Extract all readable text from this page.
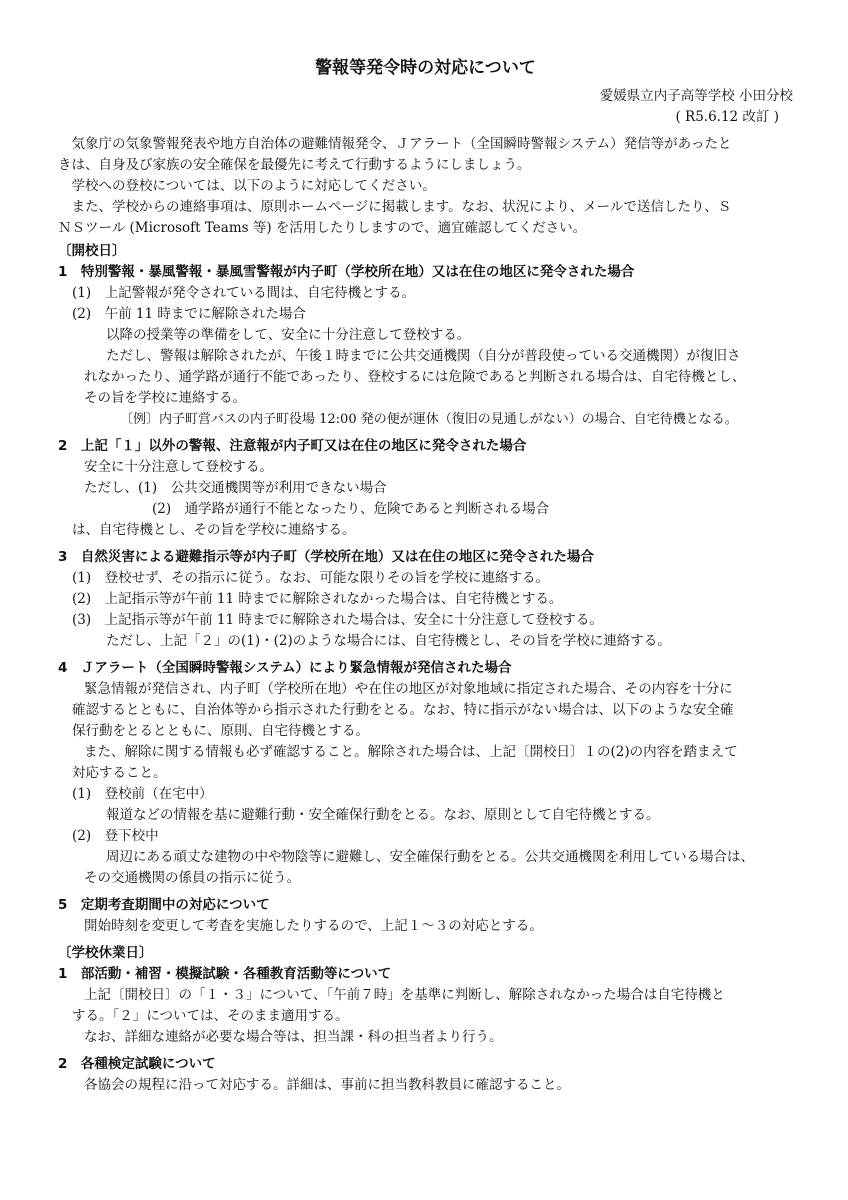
警報等発令時の対応について
愛媛県立内子高等学校 小田分校
( R5.6.12 改訂 )
　気象庁の気象警報発表や地方自治体の避難情報発令、Ｊアラート（全国瞬時警報システム）発信等があったと
きは、自身及び家族の安全確保を最優先に考えて行動するようにしましょう。
　学校への登校については、以下のように対応してください。
　また、学校からの連絡事項は、原則ホームページに掲載します。なお、状況により、メールで送信したり、Ｓ
ＮＳツール (Microsoft Teams 等) を活用したりしますので、適宜確認してください。
〔開校日〕
1　特別警報・暴風警報・暴風雪警報が内子町（学校所在地）又は在住の地区に発令された場合
(1)　上記警報が発令されている間は、自宅待機とする。
(2)　午前 11 時までに解除された場合
以降の授業等の準備をして、安全に十分注意して登校する。
ただし、警報は解除されたが、午後１時までに公共交通機関（自分が普段使っている交通機関）が復旧さ
れなかったり、通学路が通行不能であったり、登校するには危険であると判断される場合は、自宅待機とし、
その旨を学校に連絡する。
〔例〕内子町営バスの内子町役場 12:00 発の便が運休（復旧の見通しがない）の場合、自宅待機となる。
2　上記「１」以外の警報、注意報が内子町又は在住の地区に発令された場合
安全に十分注意して登校する。
ただし、(1)　公共交通機関等が利用できない場合
(2)　通学路が通行不能となったり、危険であると判断される場合
は、自宅待機とし、その旨を学校に連絡する。
3　自然災害による避難指示等が内子町（学校所在地）又は在住の地区に発令された場合
(1)　登校せず、その指示に従う。なお、可能な限りその旨を学校に連絡する。
(2)　上記指示等が午前 11 時までに解除されなかった場合は、自宅待機とする。
(3)　上記指示等が午前 11 時までに解除された場合は、安全に十分注意して登校する。
ただし、上記「２」の(1)・(2)のような場合には、自宅待機とし、その旨を学校に連絡する。
4　Ｊアラート（全国瞬時警報システム）により緊急情報が発信された場合
緊急情報が発信され、内子町（学校所在地）や在住の地区が対象地域に指定された場合、その内容を十分に
確認するとともに、自治体等から指示された行動をとる。なお、特に指示がない場合は、以下のような安全確
保行動をとるとともに、原則、自宅待機とする。
また、解除に関する情報も必ず確認すること。解除された場合は、上記〔開校日〕１の(2)の内容を踏まえて
対応すること。
(1)　登校前（在宅中）
報道などの情報を基に避難行動・安全確保行動をとる。なお、原則として自宅待機とする。
(2)　登下校中
周辺にある頑丈な建物の中や物陰等に避難し、安全確保行動をとる。公共交通機関を利用している場合は、
その交通機関の係員の指示に従う。
5　定期考査期間中の対応について
開始時刻を変更して考査を実施したりするので、上記１～３の対応とする。
〔学校休業日〕
1　部活動・補習・模擬試験・各種教育活動等について
上記〔開校日〕の「１・３」について、「午前７時」を基準に判断し、解除されなかった場合は自宅待機と
する。「２」については、そのまま適用する。
なお、詳細な連絡が必要な場合等は、担当課・科の担当者より行う。
2　各種検定試験について
各協会の規程に沿って対応する。詳細は、事前に担当教科教員に確認すること。
